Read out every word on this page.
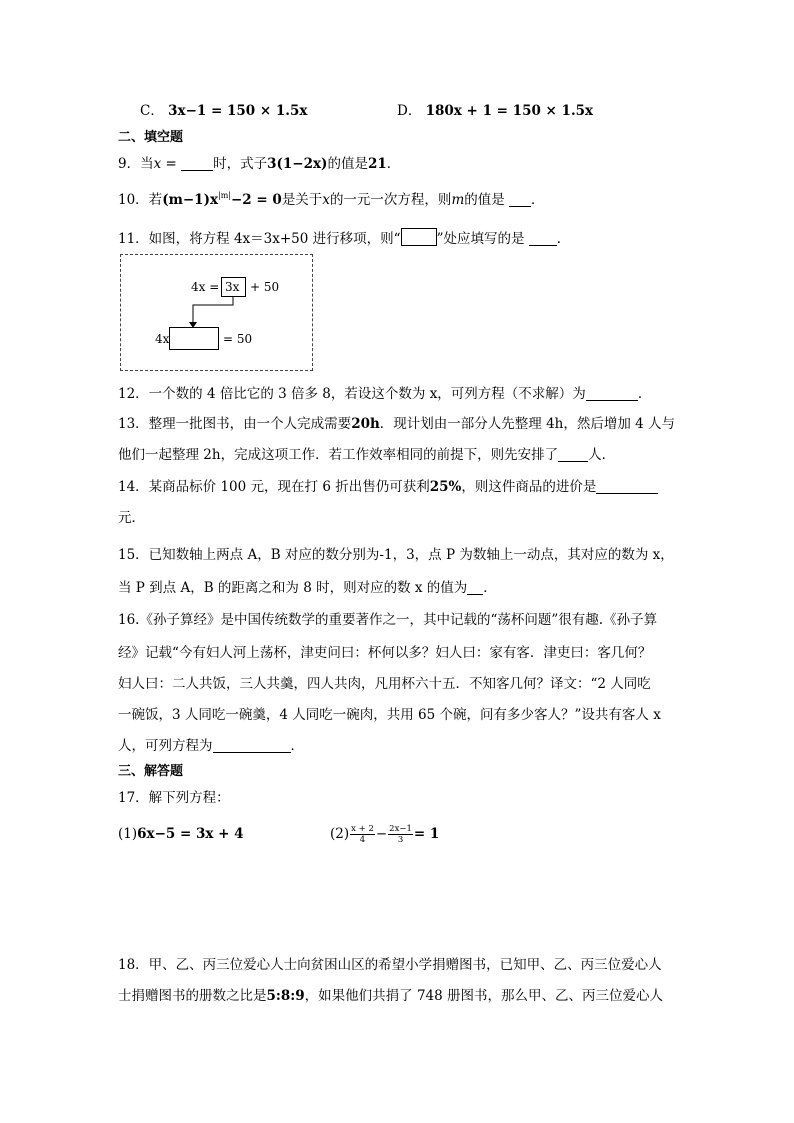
C． 3x−1 = 150 × 1.5x	D． 180x + 1 = 150 × 1.5x
二、填空题
9．当x = 时，式子3(1−2x)的值是21．
10．若$(m-1)x^{|m|}-2 = 0$是关于x的一元一次方程，则m的值是 ．
11．如图，将方程 4x＝3x+50 进行移项，则“	”处应填写的是 ．
4x = 3x + 50
4x	= 50
12．一个数的 4 倍比它的 3 倍多 8，若设这个数为 x，可列方程（不求解）为	．
13．整理一批图书，由一个人完成需要20h．现计划由一部分人先整理 4h，然后增加 4 人与
他们一起整理 2h，完成这项工作．若工作效率相同的前提下，则先安排了 人．
14．某商品标价 100 元，现在打 6 折出售仍可获利25%，则这件商品的进价是
元．
15．已知数轴上两点 A，B 对应的数分别为-1，3，点 P 为数轴上一动点，其对应的数为 x，
当 P 到点 A，B 的距离之和为 8 时，则对应的数 x 的值为 ．
16.《孙子算经》是中国传统数学的重要著作之一，其中记载的“荡杯问题”很有趣.《孙子算
经》记载“今有妇人河上荡杯，津吏问曰：杯何以多？妇人曰：家有客．津吏曰：客几何？
妇人曰：二人共饭，三人共羹，四人共肉，凡用杯六十五．不知客几何？译文：“2 人同吃
一碗饭，3 人同吃一碗羹，4 人同吃一碗肉，共用 65 个碗，问有多少客人？”设共有客人 x
人，可列方程为	．
三、解答题
17．解下列方程：
(1)6x−5 = 3x + 4	$(2) \frac{x + 2}{4} - \frac{2x-1}{3} = 1$
18．甲、乙、丙三位爱心人士向贫困山区的希望小学捐赠图书，已知甲、乙、丙三位爱心人
士捐赠图书的册数之比是5:8:9，如果他们共捐了 748 册图书，那么甲、乙、丙三位爱心人
